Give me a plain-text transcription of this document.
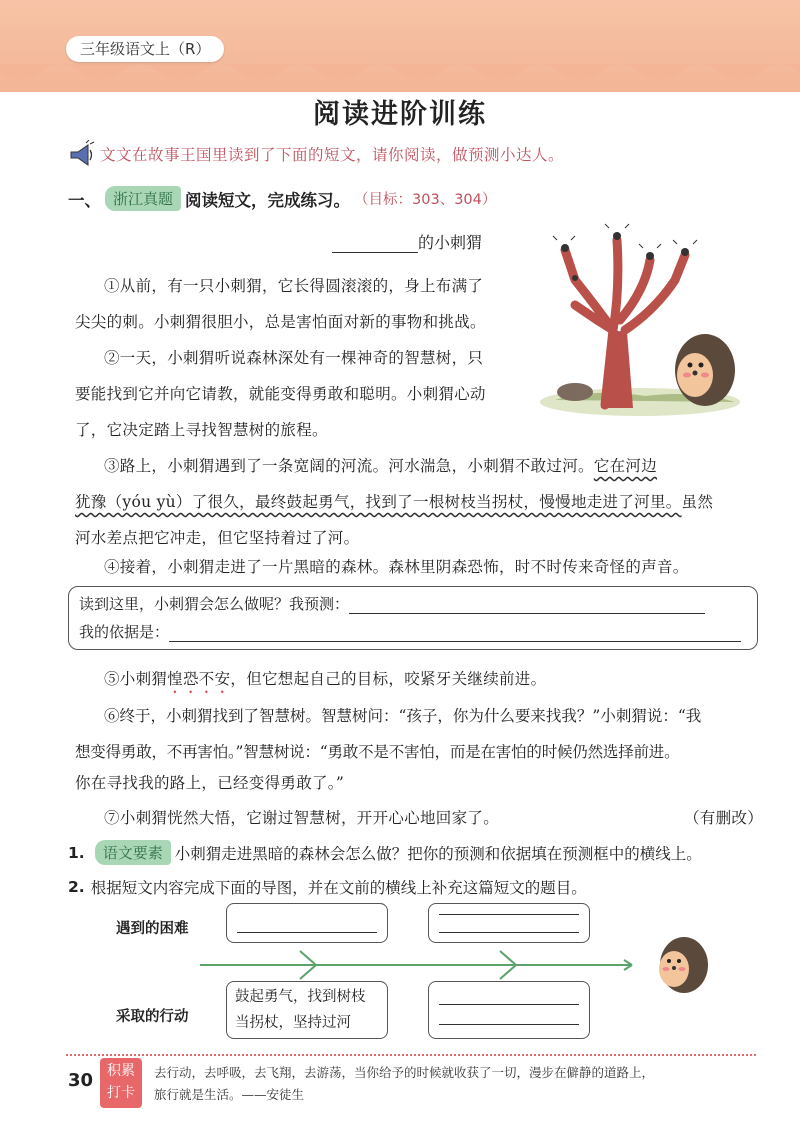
三年级语文上（R）
阅读进阶训练
文文在故事王国里读到了下面的短文，请你阅读，做预测小达人。
一、 浙江真题 阅读短文，完成练习。 （目标：303、304）
的小刺猬
①从前，有一只小刺猬，它长得圆滚滚的，身上布满了
尖尖的刺。小刺猬很胆小，总是害怕面对新的事物和挑战。
②一天，小刺猬听说森林深处有一棵神奇的智慧树，只
要能找到它并向它请教，就能变得勇敢和聪明。小刺猬心动
了，它决定踏上寻找智慧树的旅程。
③路上，小刺猬遇到了一条宽阔的河流。河水湍急，小刺猬不敢过河。它在河边
犹豫（yóu yù）了很久，最终鼓起勇气，找到了一根树枝当拐杖，慢慢地走进了河里。虽然
河水差点把它冲走，但它坚持着过了河。
④接着，小刺猬走进了一片黑暗的森林。森林里阴森恐怖，时不时传来奇怪的声音。
读到这里，小刺猬会怎么做呢？我预测：
我的依据是：
⑤小刺猬惶恐不安，但它想起自己的目标，咬紧牙关继续前进。
⑥终于，小刺猬找到了智慧树。智慧树问：“孩子，你为什么要来找我？”小刺猬说：“我
想变得勇敢，不再害怕。”智慧树说：“勇敢不是不害怕，而是在害怕的时候仍然选择前进。
你在寻找我的路上，已经变得勇敢了。”
⑦小刺猬恍然大悟，它谢过智慧树，开开心心地回家了。	（有删改）
1.	语文要素 小刺猬走进黑暗的森林会怎么做？把你的预测和依据填在预测框中的横线上。
2. 根据短文内容完成下面的导图，并在文前的横线上补充这篇短文的题目。
遇到的困难
采取的行动
鼓起勇气，找到树枝
当拐杖，坚持过河
30 积累
打卡
去行动，去呼吸，去飞翔，去游荡，当你给予的时候就收获了一切，漫步在僻静的道路上，
旅行就是生活。——安徒生
